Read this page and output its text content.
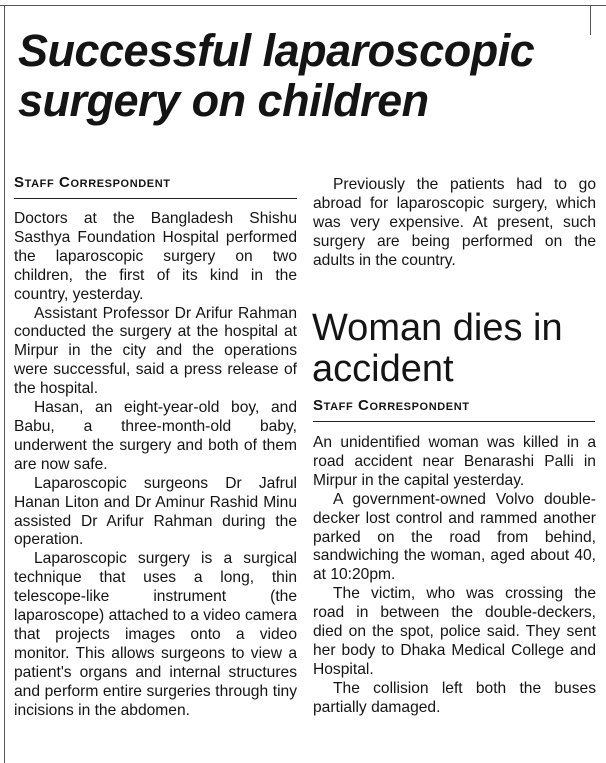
Successful laparoscopic surgery on children
Staff Correspondent

Doctors at the Bangladesh Shishu Sasthya Foundation Hospital performed the laparoscopic surgery on two children, the first of its kind in the country, yesterday.

Assistant Professor Dr Arifur Rahman conducted the surgery at the hospital at Mirpur in the city and the operations were successful, said a press release of the hospital.

Hasan, an eight-year-old boy, and Babu, a three-month-old baby, underwent the surgery and both of them are now safe.

Laparoscopic surgeons Dr Jafrul Hanan Liton and Dr Aminur Rashid Minu assisted Dr Arifur Rahman during the operation.

Laparoscopic surgery is a surgical technique that uses a long, thin telescope-like instrument (the laparoscope) attached to a video camera that projects images onto a video monitor. This allows surgeons to view a patient's organs and internal structures and perform entire surgeries through tiny incisions in the abdomen.

Previously the patients had to go abroad for laparoscopic surgery, which was very expensive. At present, such surgery are being performed on the adults in the country.

Woman dies in accident
Staff Correspondent

An unidentified woman was killed in a road accident near Benarashi Palli in Mirpur in the capital yesterday.

A government-owned Volvo double-decker lost control and rammed another parked on the road from behind, sandwiching the woman, aged about 40, at 10:20pm.

The victim, who was crossing the road in between the double-deckers, died on the spot, police said. They sent her body to Dhaka Medical College and Hospital.

The collision left both the buses partially damaged.
